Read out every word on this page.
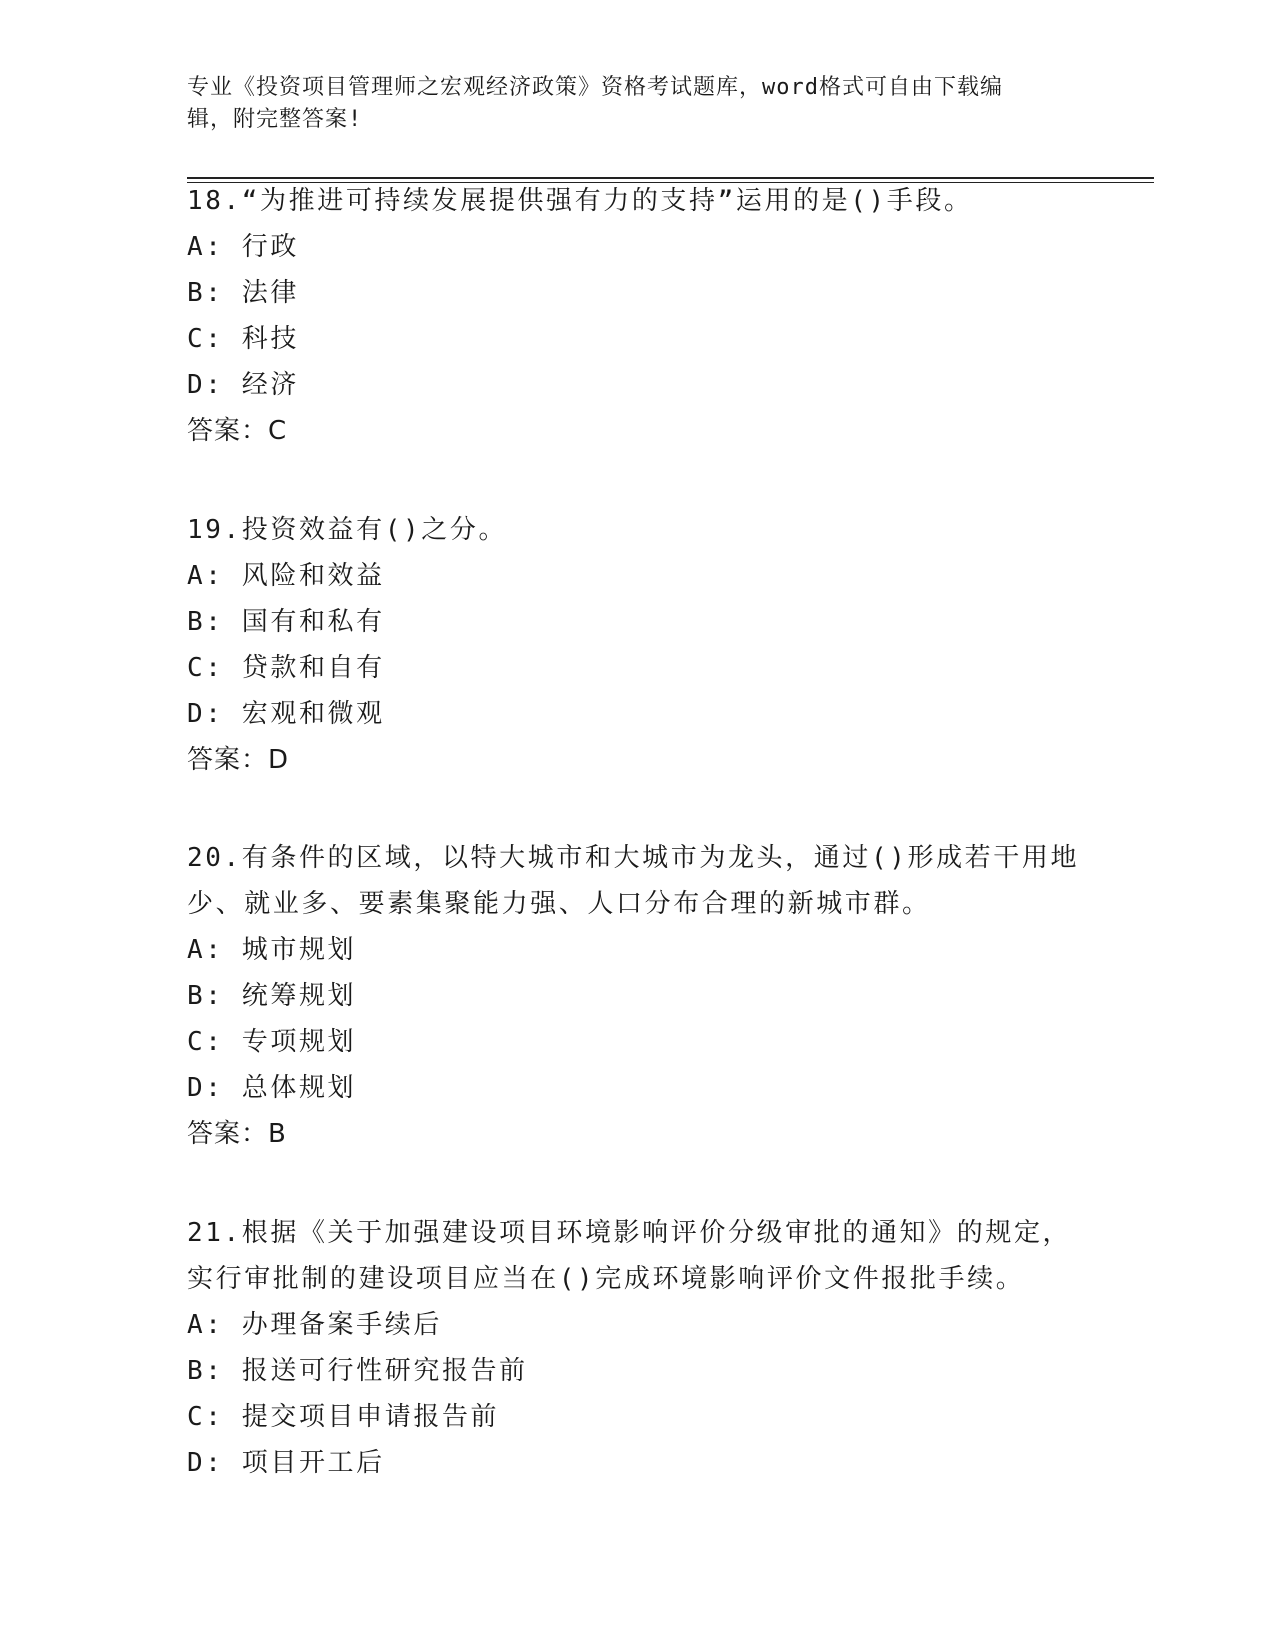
专业《投资项目管理师之宏观经济政策》资格考试题库，word格式可自由下载编
辑，附完整答案!
18.“为推进可持续发展提供强有力的支持”运用的是()手段。
A: 行政
B: 法律
C: 科技
D: 经济
答案：C
19.投资效益有()之分。
A: 风险和效益
B: 国有和私有
C: 贷款和自有
D: 宏观和微观
答案：D
20.有条件的区域，以特大城市和大城市为龙头，通过()形成若干用地
少、就业多、要素集聚能力强、人口分布合理的新城市群。
A: 城市规划
B: 统筹规划
C: 专项规划
D: 总体规划
答案：B
21.根据《关于加强建设项目环境影响评价分级审批的通知》的规定，
实行审批制的建设项目应当在()完成环境影响评价文件报批手续。
A: 办理备案手续后
B: 报送可行性研究报告前
C: 提交项目申请报告前
D: 项目开工后
